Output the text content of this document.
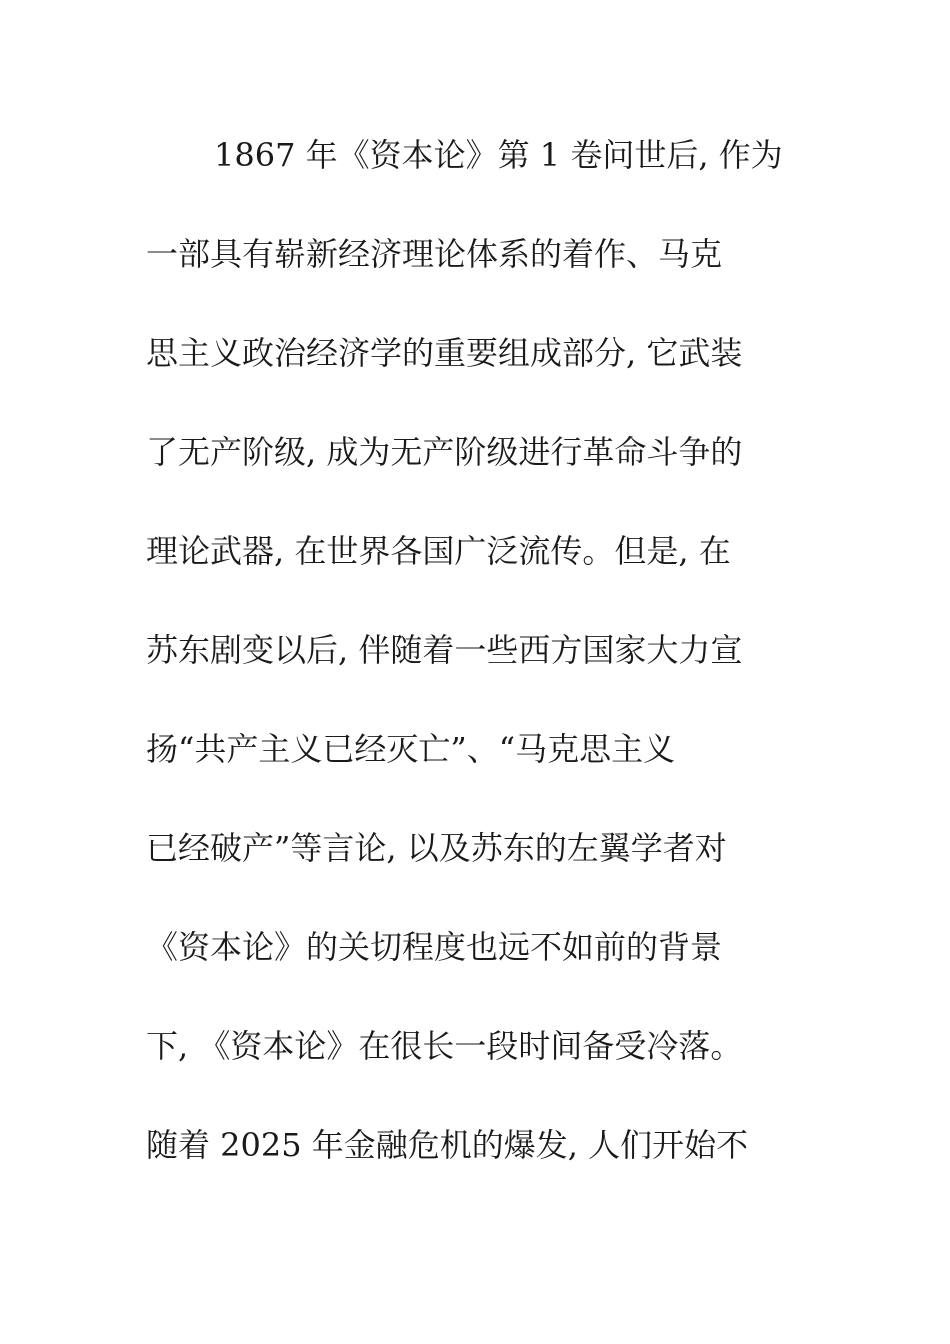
1867 年《资本论》第 1 卷问世后, 作为
一部具有崭新经济理论体系的着作、马克
思主义政治经济学的重要组成部分, 它武装
了无产阶级, 成为无产阶级进行革命斗争的
理论武器, 在世界各国广泛流传。但是, 在
苏东剧变以后, 伴随着一些西方国家大力宣
扬“共产主义已经灭亡”、“马克思主义
已经破产”等言论, 以及苏东的左翼学者对
《资本论》的关切程度也远不如前的背景
下, 《资本论》在很长一段时间备受冷落。
随着 2025 年金融危机的爆发, 人们开始不
